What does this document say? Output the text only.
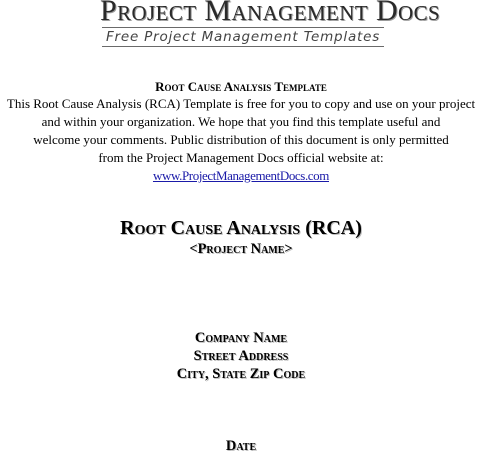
Project Management Docs
Free Project Management Templates
Root Cause Analysis Template
This Root Cause Analysis (RCA) Template is free for you to copy and use on your project
and within your organization. We hope that you find this template useful and
welcome your comments. Public distribution of this document is only permitted
from the Project Management Docs official website at:
www.ProjectManagementDocs.com
Root Cause Analysis (RCA)
<Project Name>
Company Name
Street Address
City, State Zip Code
Date
